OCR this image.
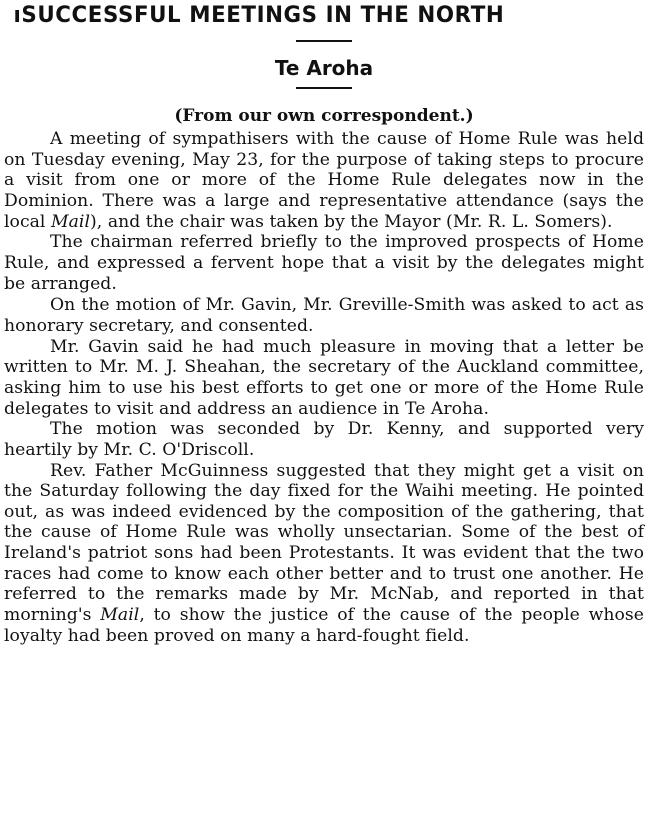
ıSUCCESSFUL MEETINGS IN THE NORTH
Te Aroha
(From our own correspondent.)

A meeting of sympathisers with the cause of Home Rule was held on Tuesday evening, May 23, for the purpose of taking steps to procure a visit from one or more of the Home Rule delegates now in the Dominion. There was a large and representative attendance (says the local Mail), and the chair was taken by the Mayor (Mr. R. L. Somers).

The chairman referred briefly to the improved prospects of Home Rule, and expressed a fervent hope that a visit by the delegates might be arranged.

On the motion of Mr. Gavin, Mr. Greville-Smith was asked to act as honorary secretary, and consented.

Mr. Gavin said he had much pleasure in moving that a letter be written to Mr. M. J. Sheahan, the secretary of the Auckland committee, asking him to use his best efforts to get one or more of the Home Rule delegates to visit and address an audience in Te Aroha.

The motion was seconded by Dr. Kenny, and supported very heartily by Mr. C. O'Driscoll.

Rev. Father McGuinness suggested that they might get a visit on the Saturday following the day fixed for the Waihi meeting. He pointed out, as was indeed evidenced by the composition of the gathering, that the cause of Home Rule was wholly unsectarian. Some of the best of Ireland's patriot sons had been Protestants. It was evident that the two races had come to know each other better and to trust one another. He referred to the remarks made by Mr. McNab, and reported in that morning's Mail, to show the justice of the cause of the people whose loyalty had been proved on many a hard-fought field.
